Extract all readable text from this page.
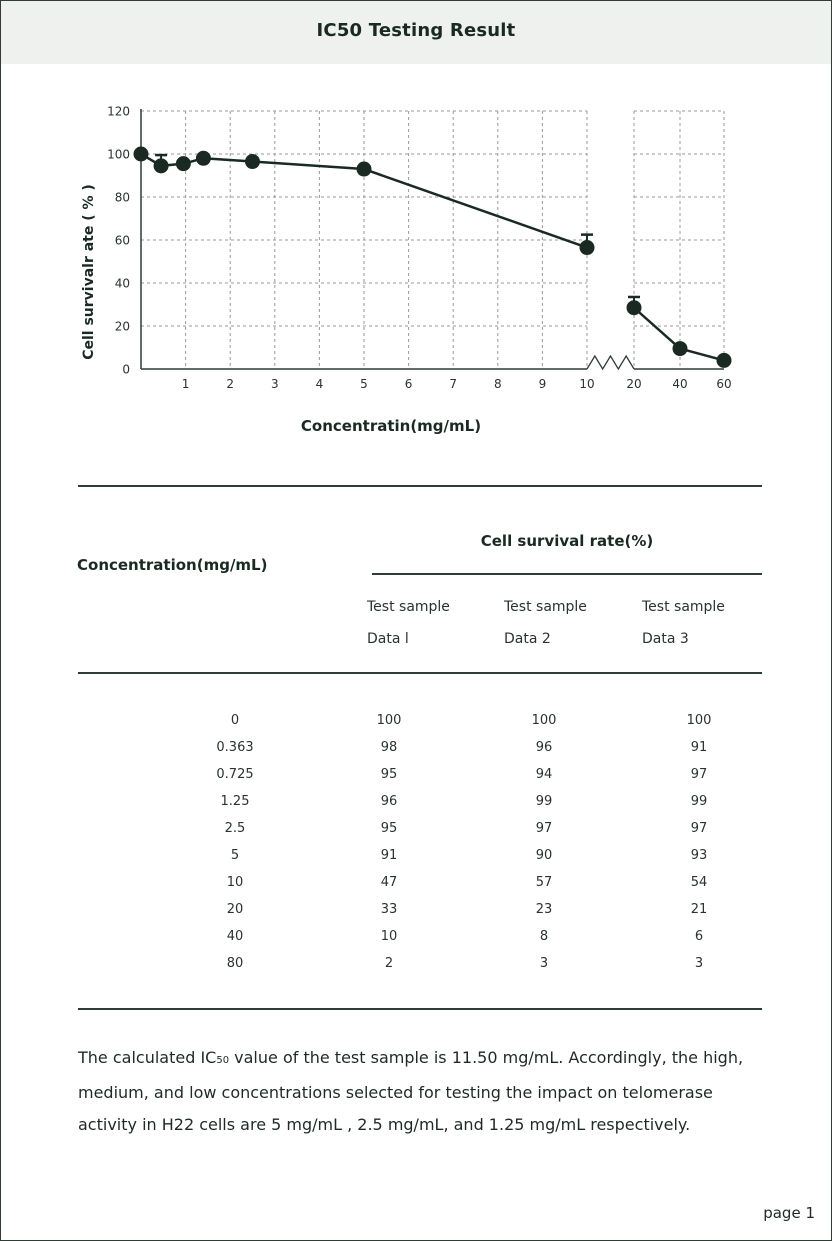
IC50 Testing Result
0
20
40
60
80
100
120
1	2	3	4	5	6	7	8	9	10	20	40 60
Cell survivalr ate ( % )
Concentratin(mg/mL)
Concentration(mg/mL)
Cell survival rate(%)
Test sample
Data l
Test sample
Data 2
Test sample
Data 3
0	100	100	100
0.363	98	96	91
0.725	95	94	97
1.25	96	99	99
2.5	95	97	97
5	91	90	93
10	47	57	54
20	33	23	21
40	10	8	6
80	2	3	3
The calculated IC50 value of the test sample is 11.50 mg/mL. Accordingly, the high, medium, and low concentrations selected for testing the impact on telomerase activity in H22 cells are 5 mg/mL , 2.5 mg/mL, and 1.25 mg/mL respectively.
page 1
